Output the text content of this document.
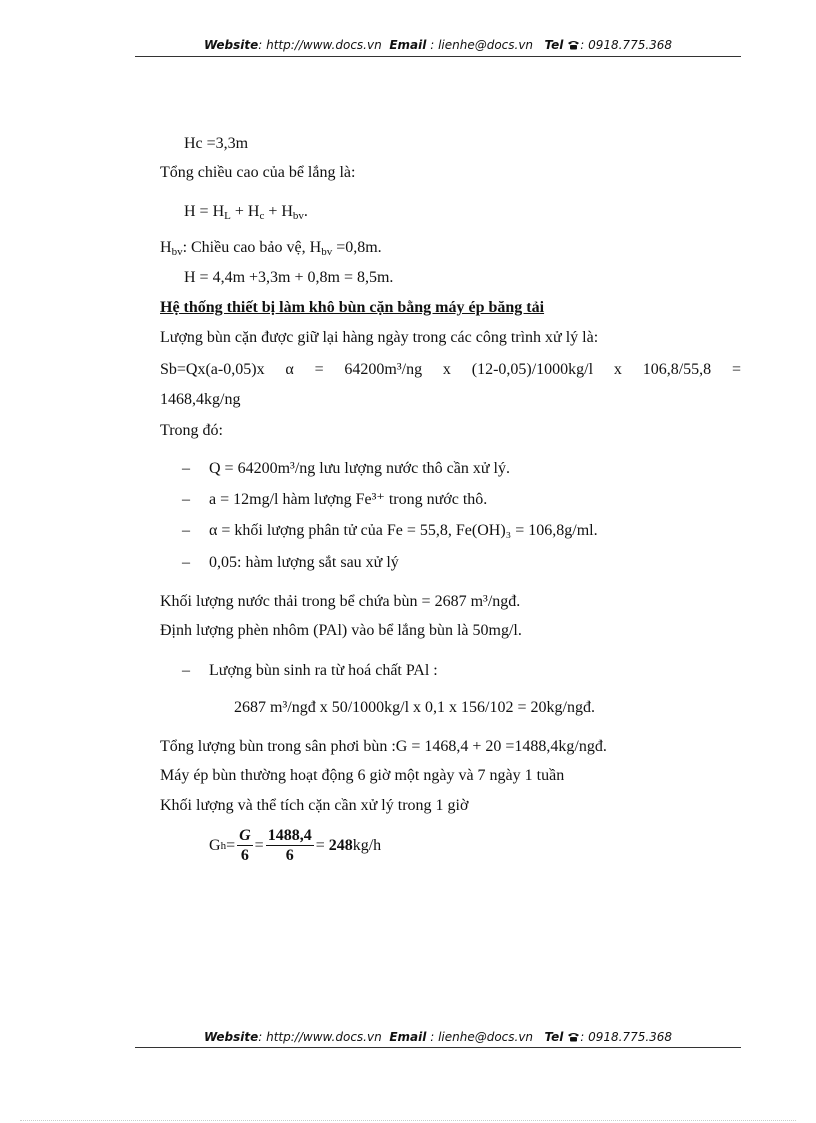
Website: http://www.docs.vn Email : lienhe@docs.vn Tel : 0918.775.368
Hc =3,3m
Tổng chiều cao của bể lắng là:
$H = H_L + H_c + H_{bv}$.
$H_{bv}$: Chiều cao bảo vệ, $H_{bv} =0,8m$.
H = 4,4m +3,3m + 0,8m = 8,5m.
Hệ thống thiết bị làm khô bùn cặn bằng máy ép băng tải
Lượng bùn cặn được giữ lại hàng ngày trong các công trình xử lý là:
Sb=Qx(a-0,05)x α = 64200m³/ng x (12-0,05)/1000kg/l x 106,8/55,8 =
1468,4kg/ng
Trong đó:
– Q = 64200m³/ng lưu lượng nước thô cần xử lý.
– a = 12mg/l hàm lượng Fe³⁺ trong nước thô.
– α = khối lượng phân tử của Fe = 55,8, Fe(OH)₃ = 106,8g/ml.
– 0,05: hàm lượng sắt sau xử lý
Khối lượng nước thải trong bể chứa bùn = 2687 m³/ngđ.
Định lượng phèn nhôm (PAl) vào bể lắng bùn là 50mg/l.
– Lượng bùn sinh ra từ hoá chất PAl :
2687 m³/ngđ x 50/1000kg/l x 0,1 x 156/102 = 20kg/ngđ.
Tổng lượng bùn trong sân phơi bùn :G = 1468,4 + 20 =1488,4kg/ngđ.
Máy ép bùn thường hoạt động 6 giờ một ngày và 7 ngày 1 tuần
Khối lượng và thể tích cặn cần xử lý trong 1 giờ
G $h = \frac{G}{6} = \frac{1488,4}{6}$ =
248 kg/h
Website: http://www.docs.vn Email : lienhe@docs.vn Tel : 0918.775.368
